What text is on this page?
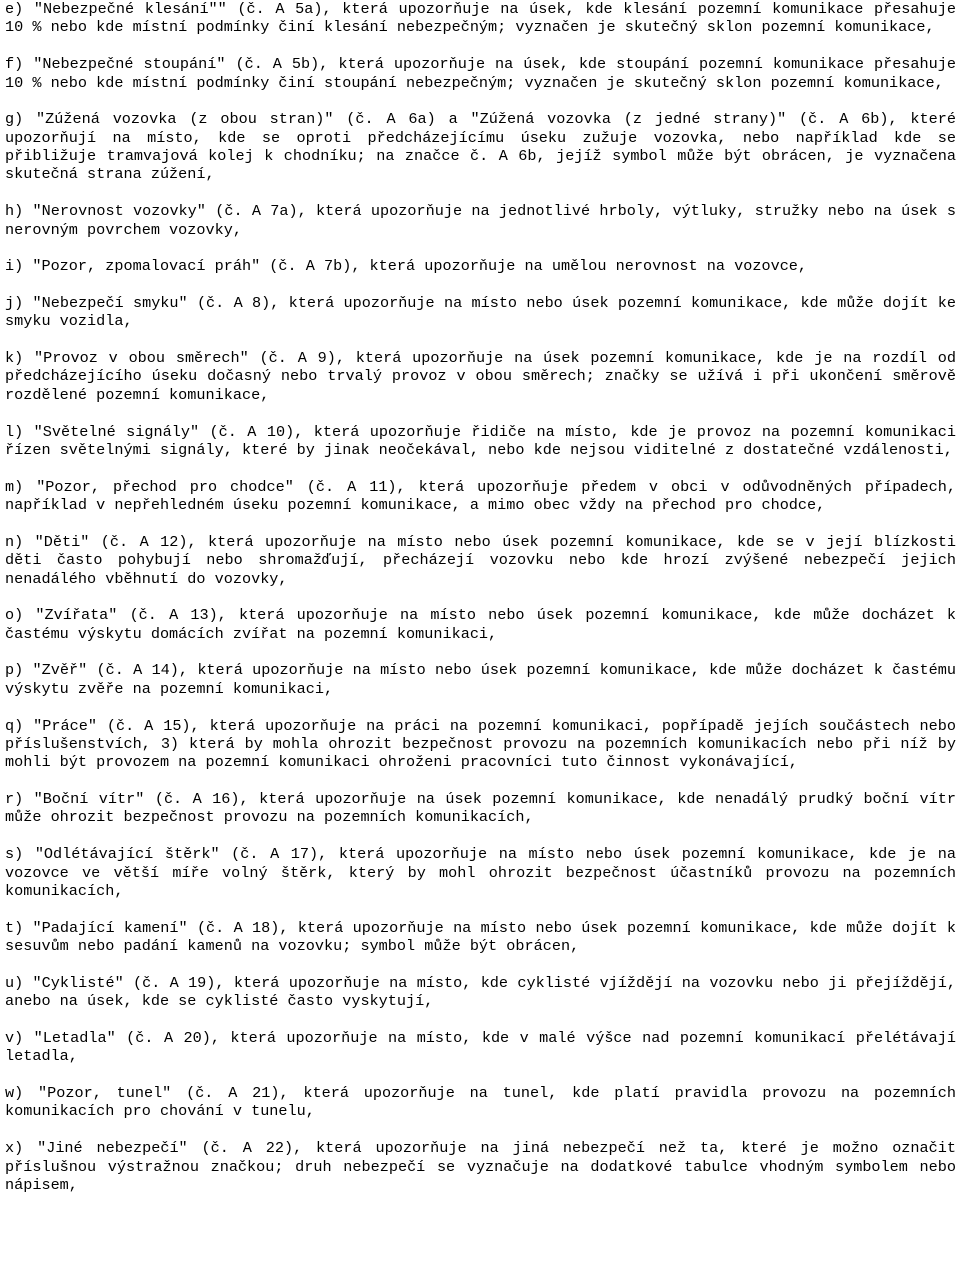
e) "Nebezpečné klesání"" (č. A 5a), která upozorňuje na úsek, kde klesání pozemní komunikace přesahuje 10 % nebo kde místní podmínky činí klesání nebezpečným; vyznačen je skutečný sklon pozemní komunikace,

f) "Nebezpečné stoupání" (č. A 5b), která upozorňuje na úsek, kde stoupání pozemní komunikace přesahuje 10 % nebo kde místní podmínky činí stoupání nebezpečným; vyznačen je skutečný sklon pozemní komunikace,

g) "Zúžená vozovka (z obou stran)" (č. A 6a) a "Zúžená vozovka (z jedné strany)" (č. A 6b), které upozorňují na místo, kde se oproti předcházejícímu úseku zužuje vozovka, nebo například kde se přibližuje tramvajová kolej k chodníku; na značce č. A 6b, jejíž symbol může být obrácen, je vyznačena skutečná strana zúžení,

h) "Nerovnost vozovky" (č. A 7a), která upozorňuje na jednotlivé hrboly, výtluky, stružky nebo na úsek s nerovným povrchem vozovky,

i) "Pozor, zpomalovací práh" (č. A 7b), která upozorňuje na umělou nerovnost na vozovce,

j) "Nebezpečí smyku" (č. A 8), která upozorňuje na místo nebo úsek pozemní komunikace, kde může dojít ke smyku vozidla,

k) "Provoz v obou směrech" (č. A 9), která upozorňuje na úsek pozemní komunikace, kde je na rozdíl od předcházejícího úseku dočasný nebo trvalý provoz v obou směrech; značky se užívá i při ukončení směrově rozdělené pozemní komunikace,

l) "Světelné signály" (č. A 10), která upozorňuje řidiče na místo, kde je provoz na pozemní komunikaci řízen světelnými signály, které by jinak neočekával, nebo kde nejsou viditelné z dostatečné vzdálenosti,

m) "Pozor, přechod pro chodce" (č. A 11), která upozorňuje předem v obci v odůvodněných případech, například v nepřehledném úseku pozemní komunikace, a mimo obec vždy na přechod pro chodce,

n) "Děti" (č. A 12), která upozorňuje na místo nebo úsek pozemní komunikace, kde se v její blízkosti děti často pohybují nebo shromažďují, přecházejí vozovku nebo kde hrozí zvýšené nebezpečí jejich nenadálého vběhnutí do vozovky,

o) "Zvířata" (č. A 13), která upozorňuje na místo nebo úsek pozemní komunikace, kde může docházet k častému výskytu domácích zvířat na pozemní komunikaci,

p) "Zvěř" (č. A 14), která upozorňuje na místo nebo úsek pozemní komunikace, kde může docházet k častému výskytu zvěře na pozemní komunikaci,

q) "Práce" (č. A 15), která upozorňuje na práci na pozemní komunikaci, popřípadě jejích součástech nebo příslušenstvích, 3) která by mohla ohrozit bezpečnost provozu na pozemních komunikacích nebo při níž by mohli být provozem na pozemní komunikaci ohroženi pracovníci tuto činnost vykonávající,

r) "Boční vítr" (č. A 16), která upozorňuje na úsek pozemní komunikace, kde nenadálý prudký boční vítr může ohrozit bezpečnost provozu na pozemních komunikacích,

s) "Odlétávající štěrk" (č. A 17), která upozorňuje na místo nebo úsek pozemní komunikace, kde je na vozovce ve větší míře volný štěrk, který by mohl ohrozit bezpečnost účastníků provozu na pozemních komunikacích,

t) "Padající kamení" (č. A 18), která upozorňuje na místo nebo úsek pozemní komunikace, kde může dojít k sesuvům nebo padání kamenů na vozovku; symbol může být obrácen,

u) "Cyklisté" (č. A 19), která upozorňuje na místo, kde cyklisté vjíždějí na vozovku nebo ji přejíždějí, anebo na úsek, kde se cyklisté často vyskytují,

v) "Letadla" (č. A 20), která upozorňuje na místo, kde v malé výšce nad pozemní komunikací přelétávají letadla,

w) "Pozor, tunel" (č. A 21), která upozorňuje na tunel, kde platí pravidla provozu na pozemních komunikacích pro chování v tunelu,

x) "Jiné nebezpečí" (č. A 22), která upozorňuje na jiná nebezpečí než ta, které je možno označit příslušnou výstražnou značkou; druh nebezpečí se vyznačuje na dodatkové tabulce vhodným symbolem nebo nápisem,
